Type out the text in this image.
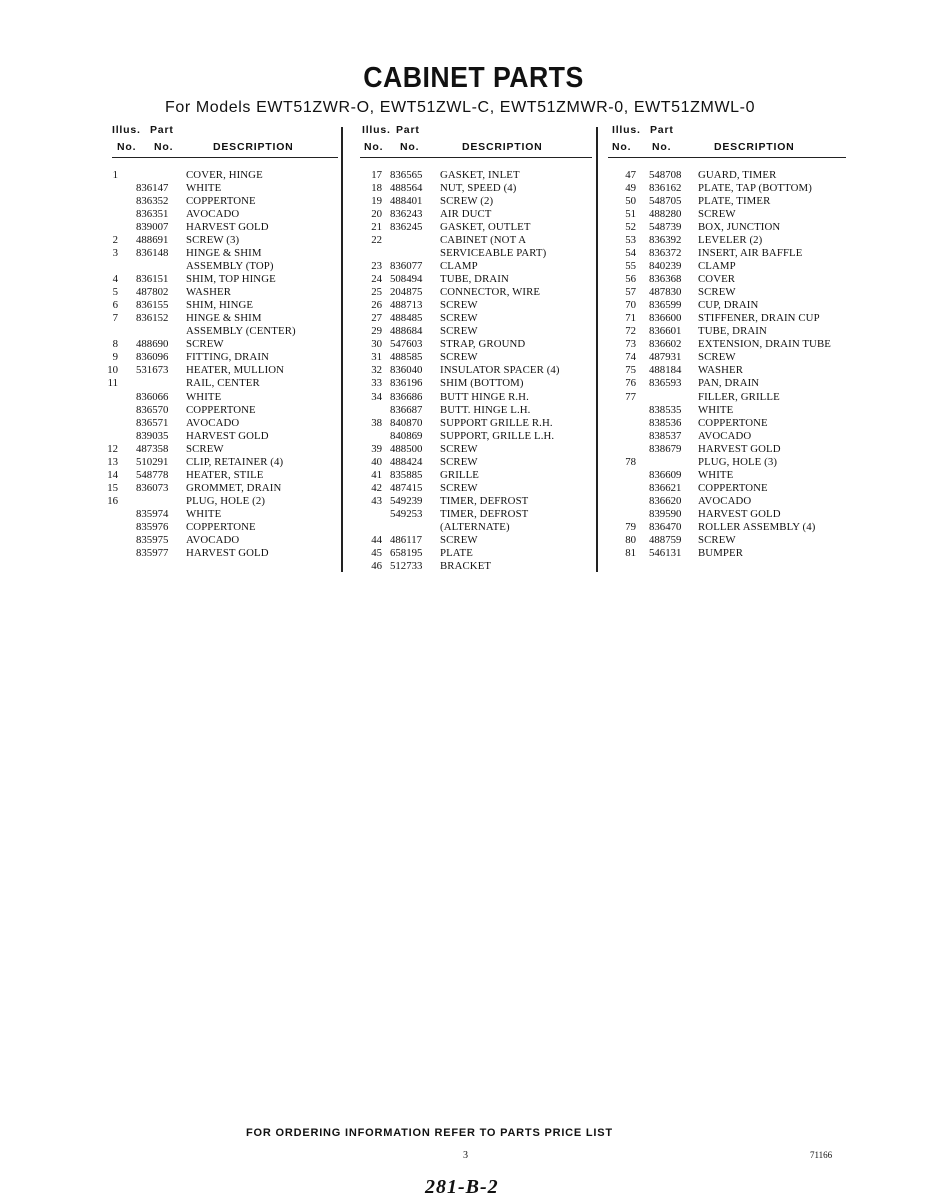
CABINET PARTS
For Models EWT51ZWR-O, EWT51ZWL-C, EWT51ZMWR-0, EWT51ZMWL-0
Illus. Part
No. No.	DESCRIPTION
1	COVER, HINGE
836147 WHITE
836352 COPPERTONE
836351 AVOCADO
839007 HARVEST GOLD
2 488691 SCREW (3)
3 836148 HINGE & SHIM
ASSEMBLY (TOP)
4 836151 SHIM, TOP HINGE
5 487802 WASHER
6 836155 SHIM, HINGE
7 836152 HINGE & SHIM
ASSEMBLY (CENTER)
8 488690 SCREW
9 836096 FITTING, DRAIN
10 531673 HEATER, MULLION
11	RAIL, CENTER
836066 WHITE
836570 COPPERTONE
836571 AVOCADO
839035 HARVEST GOLD
12 487358 SCREW
13 510291 CLIP, RETAINER (4)
14 548778 HEATER, STILE
15 836073 GROMMET, DRAIN
16	PLUG, HOLE (2)
835974 WHITE
835976 COPPERTONE
835975 AVOCADO
835977 HARVEST GOLD
Illus. Part
No. No.	DESCRIPTION
17 836565 GASKET, INLET
18 488564 NUT, SPEED (4)
19 488401 SCREW (2)
20 836243 AIR DUCT
21 836245 GASKET, OUTLET
22	CABINET (NOT A
SERVICEABLE PART)
23 836077 CLAMP
24 508494 TUBE, DRAIN
25 204875 CONNECTOR, WIRE
26 488713 SCREW
27 488485 SCREW
29 488684 SCREW
30 547603 STRAP, GROUND
31 488585 SCREW
32 836040 INSULATOR SPACER (4)
33 836196 SHIM (BOTTOM)
34 836686 BUTT HINGE R.H.
836687 BUTT. HINGE L.H.
38 840870 SUPPORT GRILLE R.H.
840869 SUPPORT, GRILLE L.H.
39 488500 SCREW
40 488424 SCREW
41 835885 GRILLE
42 487415 SCREW
43 549239 TIMER, DEFROST
549253 TIMER, DEFROST
(ALTERNATE)
44 486117 SCREW
45 658195 PLATE
46 512733 BRACKET
Illus. Part
No. No.	DESCRIPTION
47 548708 GUARD, TIMER
49 836162 PLATE, TAP (BOTTOM)
50 548705 PLATE, TIMER
51 488280 SCREW
52 548739 BOX, JUNCTION
53 836392 LEVELER (2)
54 836372 INSERT, AIR BAFFLE
55 840239 CLAMP
56 836368 COVER
57 487830 SCREW
70 836599 CUP, DRAIN
71 836600 STIFFENER, DRAIN CUP
72 836601 TUBE, DRAIN
73 836602 EXTENSION, DRAIN TUBE
74 487931 SCREW
75 488184 WASHER
76 836593 PAN, DRAIN
77	FILLER, GRILLE
838535 WHITE
838536 COPPERTONE
838537 AVOCADO
838679 HARVEST GOLD
78	PLUG, HOLE (3)
836609 WHITE
836621 COPPERTONE
836620 AVOCADO
839590 HARVEST GOLD
79 836470 ROLLER ASSEMBLY (4)
80 488759 SCREW
81 546131 BUMPER
FOR ORDERING INFORMATION REFER TO PARTS PRICE LIST
3	71166
281-B-2
